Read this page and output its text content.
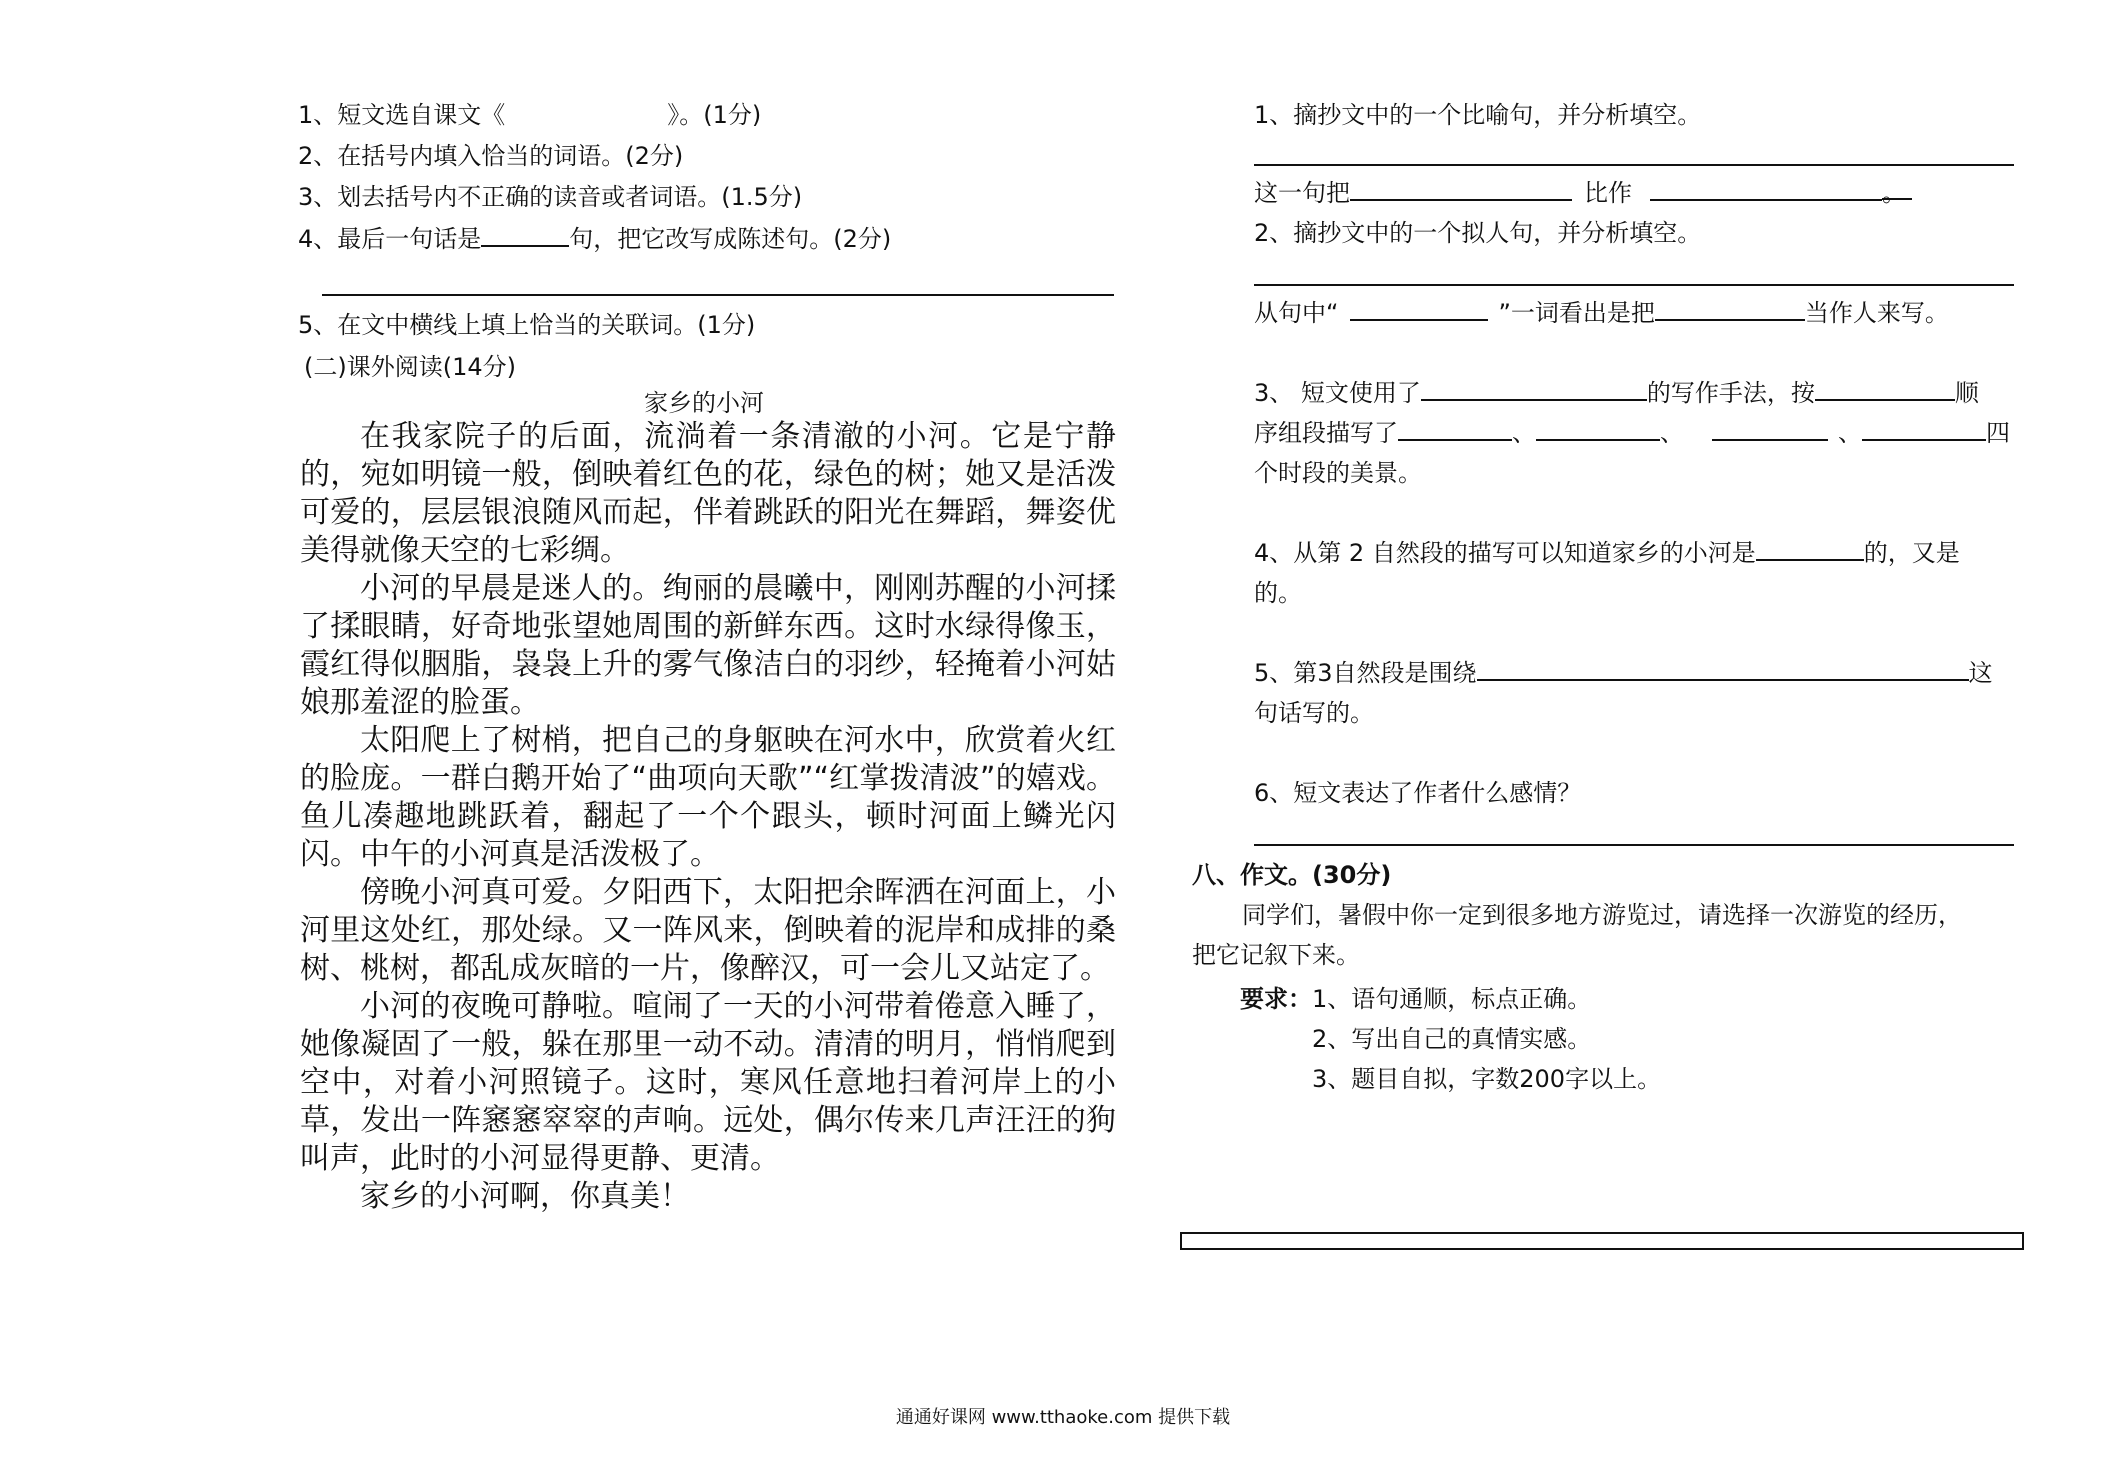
1、短文选自课文《	》。(1分)
2、在括号内填入恰当的词语。(2分)
3、划去括号内不正确的读音或者词语。(1.5分)
4、最后一句话是	句，把它改写成陈述句。(2分)
5、在文中横线上填上恰当的关联词。(1分)
(二)课外阅读(14分)
家乡的小河

在我家院子的后面，流淌着一条清澈的小河。它是宁静的，宛如明镜一般，倒映着红色的花，绿色的树；她又是活泼可爱的，层层银浪随风而起，伴着跳跃的阳光在舞蹈，舞姿优美得就像天空的七彩绸。

小河的早晨是迷人的。绚丽的晨曦中，刚刚苏醒的小河揉了揉眼睛，好奇地张望她周围的新鲜东西。这时水绿得像玉，霞红得似胭脂，袅袅上升的雾气像洁白的羽纱，轻掩着小河姑娘那羞涩的脸蛋。

太阳爬上了树梢，把自己的身躯映在河水中，欣赏着火红的脸庞。一群白鹅开始了“曲项向天歌”“红掌拨清波”的嬉戏。鱼儿凑趣地跳跃着，翻起了一个个跟头，顿时河面上鳞光闪闪。中午的小河真是活泼极了。

傍晚小河真可爱。夕阳西下，太阳把余晖洒在河面上，小河里这处红，那处绿。又一阵风来，倒映着的泥岸和成排的桑树、桃树，都乱成灰暗的一片，像醉汉，可一会儿又站定了。

小河的夜晚可静啦。喧闹了一天的小河带着倦意入睡了，她像凝固了一般，躲在那里一动不动。清清的明月，悄悄爬到空中，对着小河照镜子。这时，寒风任意地扫着河岸上的小草，发出一阵窸窸窣窣的声响。远处，偶尔传来几声汪汪的狗叫声，此时的小河显得更静、更清。

家乡的小河啊，你真美！

1、摘抄文中的一个比喻句，并分析填空。
这一句把	比作	。
2、摘抄文中的一个拟人句，并分析填空。
从句中“	”一词看出是把	当作人来写。
3、 短文使用了	的写作手法，按	顺
序组段描写了	、	、	、	四
个时段的美景。
4、从第 2 自然段的描写可以知道家乡的小河是	的，又是
的。
5、第3自然段是围绕	这
句话写的。
6、短文表达了作者什么感情？
八、作文。(30分)
同学们，暑假中你一定到很多地方游览过，请选择一次游览的经历，
把它记叙下来。
要求： 1、语句通顺，标点正确。
2、写出自己的真情实感。
3、题目自拟，字数200字以上。
通通好课网 www.tthaoke.com 提供下载
